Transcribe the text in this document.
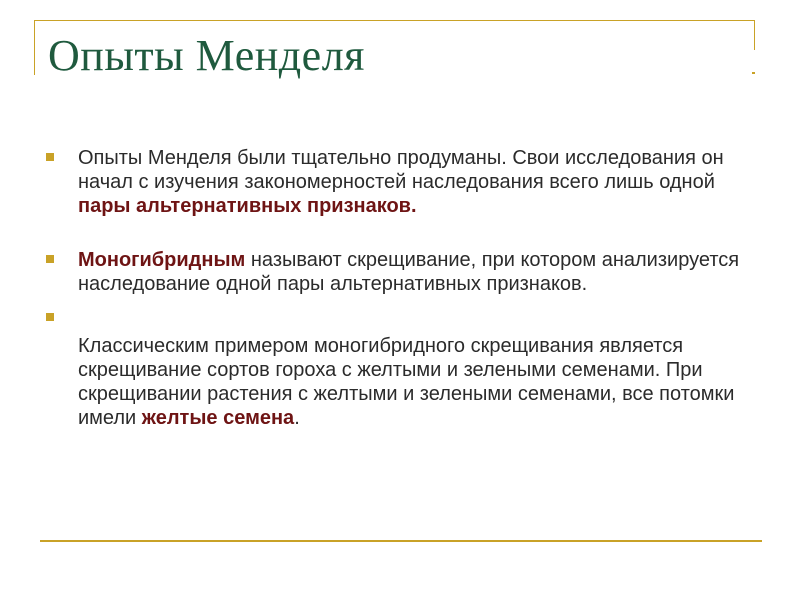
Опыты Менделя
Опыты Менделя были тщательно продуманы. Свои исследования он начал с изучения закономерностей наследования всего лишь одной пары альтернативных признаков.
Моногибридным называют скрещивание, при котором анализируется наследование одной пары альтернативных признаков.
Классическим примером моногибридного скрещивания является скрещивание сортов гороха с желтыми и зелеными семенами. При скрещивании растения с желтыми и зелеными семенами, все потомки имели желтые семена.
